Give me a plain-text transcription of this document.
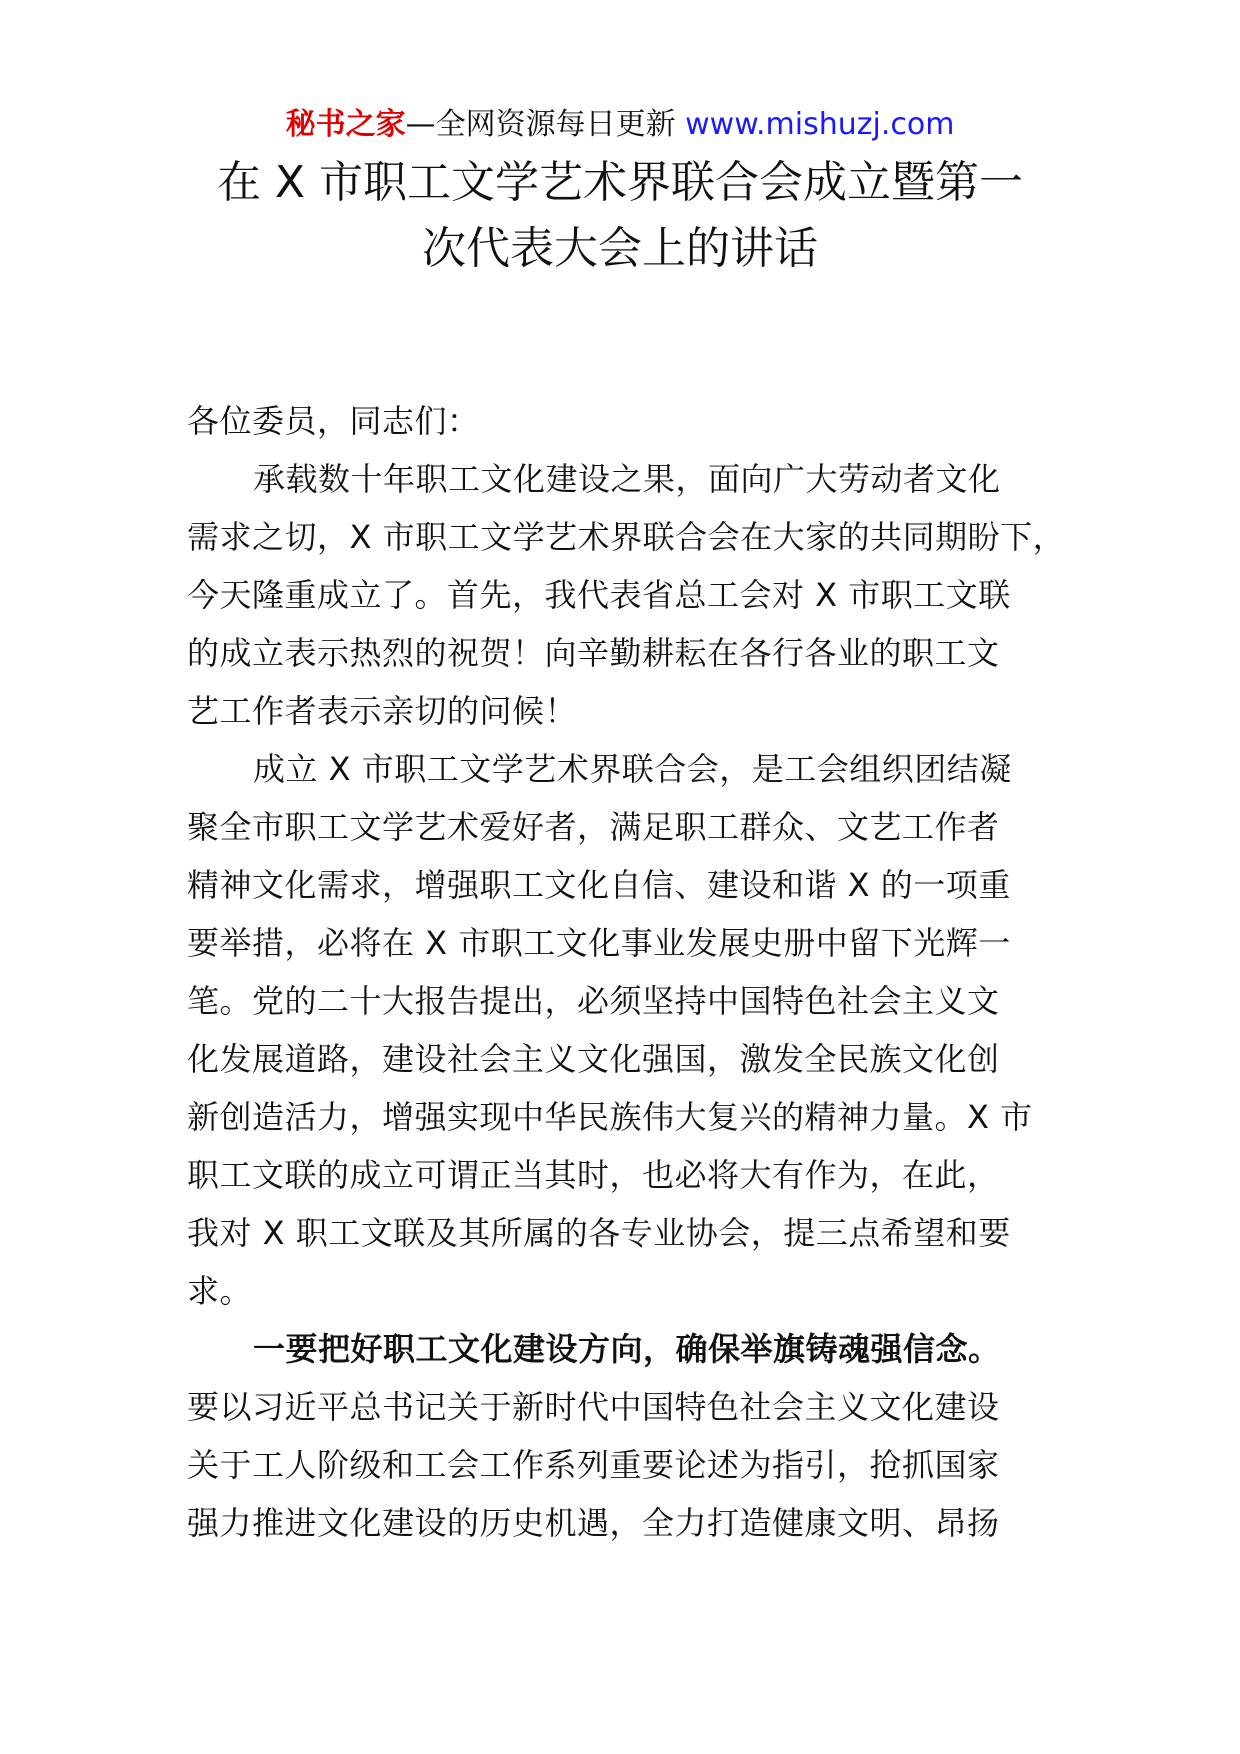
秘书之家—全网资源每日更新 www.mishuzj.com
在 X 市职工文学艺术界联合会成立暨第一
次代表大会上的讲话

各位委员，同志们：

承载数十年职工文化建设之果，面向广大劳动者文化

需求之切，X 市职工文学艺术界联合会在大家的共同期盼下，

今天隆重成立了。首先，我代表省总工会对 X 市职工文联

的成立表示热烈的祝贺！向辛勤耕耘在各行各业的职工文

艺工作者表示亲切的问候！

成立 X 市职工文学艺术界联合会，是工会组织团结凝

聚全市职工文学艺术爱好者，满足职工群众、文艺工作者

精神文化需求，增强职工文化自信、建设和谐 X 的一项重

要举措，必将在 X 市职工文化事业发展史册中留下光辉一

笔。党的二十大报告提出，必须坚持中国特色社会主义文

化发展道路，建设社会主义文化强国，激发全民族文化创

新创造活力，增强实现中华民族伟大复兴的精神力量。X 市

职工文联的成立可谓正当其时，也必将大有作为，在此，

我对 X 职工文联及其所属的各专业协会，提三点希望和要

求。

一要把好职工文化建设方向，确保举旗铸魂强信念。

要以习近平总书记关于新时代中国特色社会主义文化建设

关于工人阶级和工会工作系列重要论述为指引，抢抓国家

强力推进文化建设的历史机遇，全力打造健康文明、昂扬
